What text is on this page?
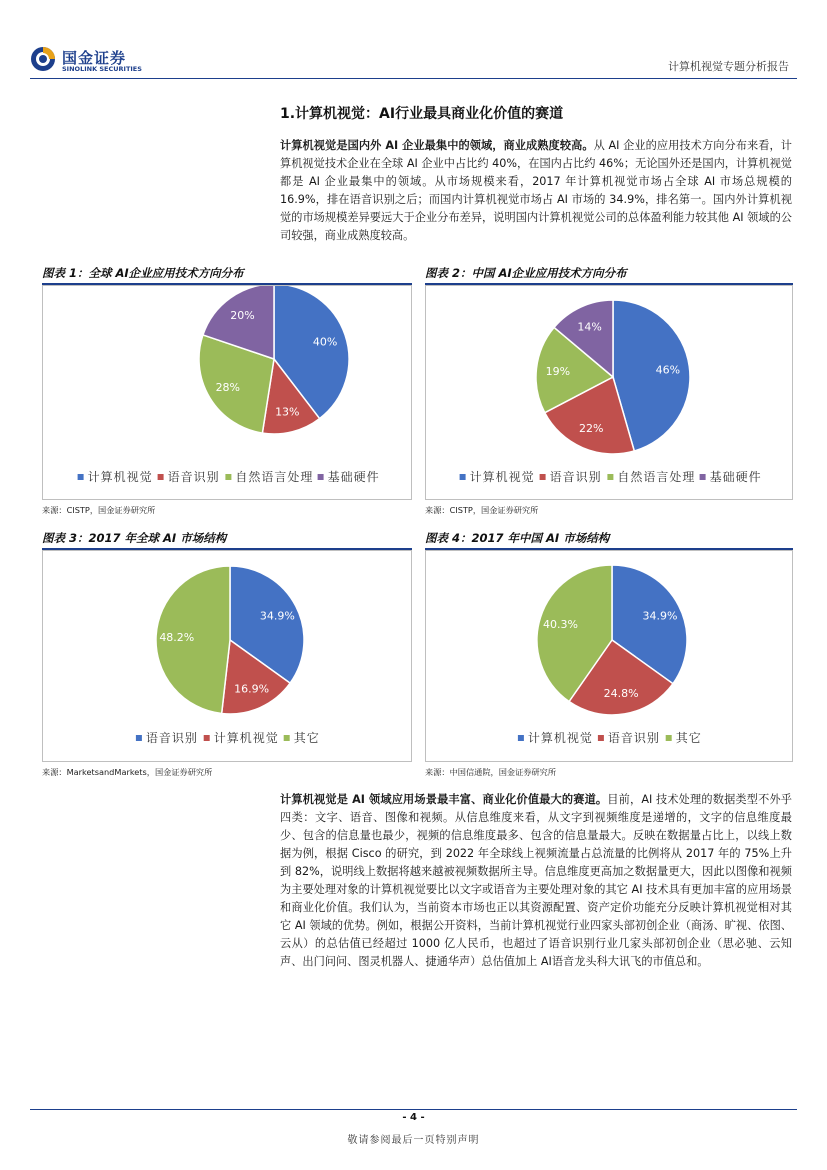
国金证券
SINOLINK SECURITIES	计算机视觉专题分析报告
1.计算机视觉：AI行业最具商业化价值的赛道

计算机视觉是国内外 AI 企业最集中的领域，商业成熟度较高。从 AI 企业的应用技术方向分布来看，计算机视觉技术企业在全球 AI 企业中占比约 40%，在国内占比约 46%；无论国外还是国内，计算机视觉都是 AI 企业最集中的领域。从市场规模来看，2017 年计算机视觉市场占全球 AI 市场总规模的 16.9%，排在语音识别之后；而国内计算机视觉市场占 AI 市场的 34.9%，排名第一。国内外计算机视觉的市场规模差异要远大于企业分布差异，说明国内计算机视觉公司的总体盈利能力较其他 AI 领域的公司较强，商业成熟度较高。

图表 1：全球 AI企业应用技术方向分布
40%
13%
28%
20%
计算机视觉 语音识别 自然语言处理 基础硬件
来源：CISTP，国金证券研究所
图表 2：中国 AI企业应用技术方向分布
46%
22%
19%
14%
计算机视觉 语音识别 自然语言处理 基础硬件
来源：CISTP，国金证券研究所
图表 3：2017 年全球 AI 市场结构
34.9%
16.9%
48.2%
语音识别 计算机视觉 其它
来源：MarketsandMarkets，国金证券研究所
图表 4：2017 年中国 AI 市场结构
34.9%
24.8%
40.3%
计算机视觉 语音识别 其它
来源：中国信通院，国金证券研究所

计算机视觉是 AI 领域应用场景最丰富、商业化价值最大的赛道。目前，AI 技术处理的数据类型不外乎四类：文字、语音、图像和视频。从信息维度来看，从文字到视频维度是递增的，文字的信息维度最少、包含的信息量也最少，视频的信息维度最多、包含的信息量最大。反映在数据量占比上，以线上数据为例，根据 Cisco 的研究，到 2022 年全球线上视频流量占总流量的比例将从 2017 年的 75%上升到 82%，说明线上数据将越来越被视频数据所主导。信息维度更高加之数据量更大，因此以图像和视频为主要处理对象的计算机视觉要比以文字或语音为主要处理对象的其它 AI 技术具有更加丰富的应用场景和商业化价值。我们认为，当前资本市场也正以其资源配置、资产定价功能充分反映计算机视觉相对其它 AI 领域的优势。例如，根据公开资料，当前计算机视觉行业四家头部初创企业（商汤、旷视、依图、云从）的总估值已经超过 1000 亿人民币，也超过了语音识别行业几家头部初创企业（思必驰、云知声、出门问问、图灵机器人、捷通华声）总估值加上 AI语音龙头科大讯飞的市值总和。

- 4 -
敬请参阅最后一页特别声明
